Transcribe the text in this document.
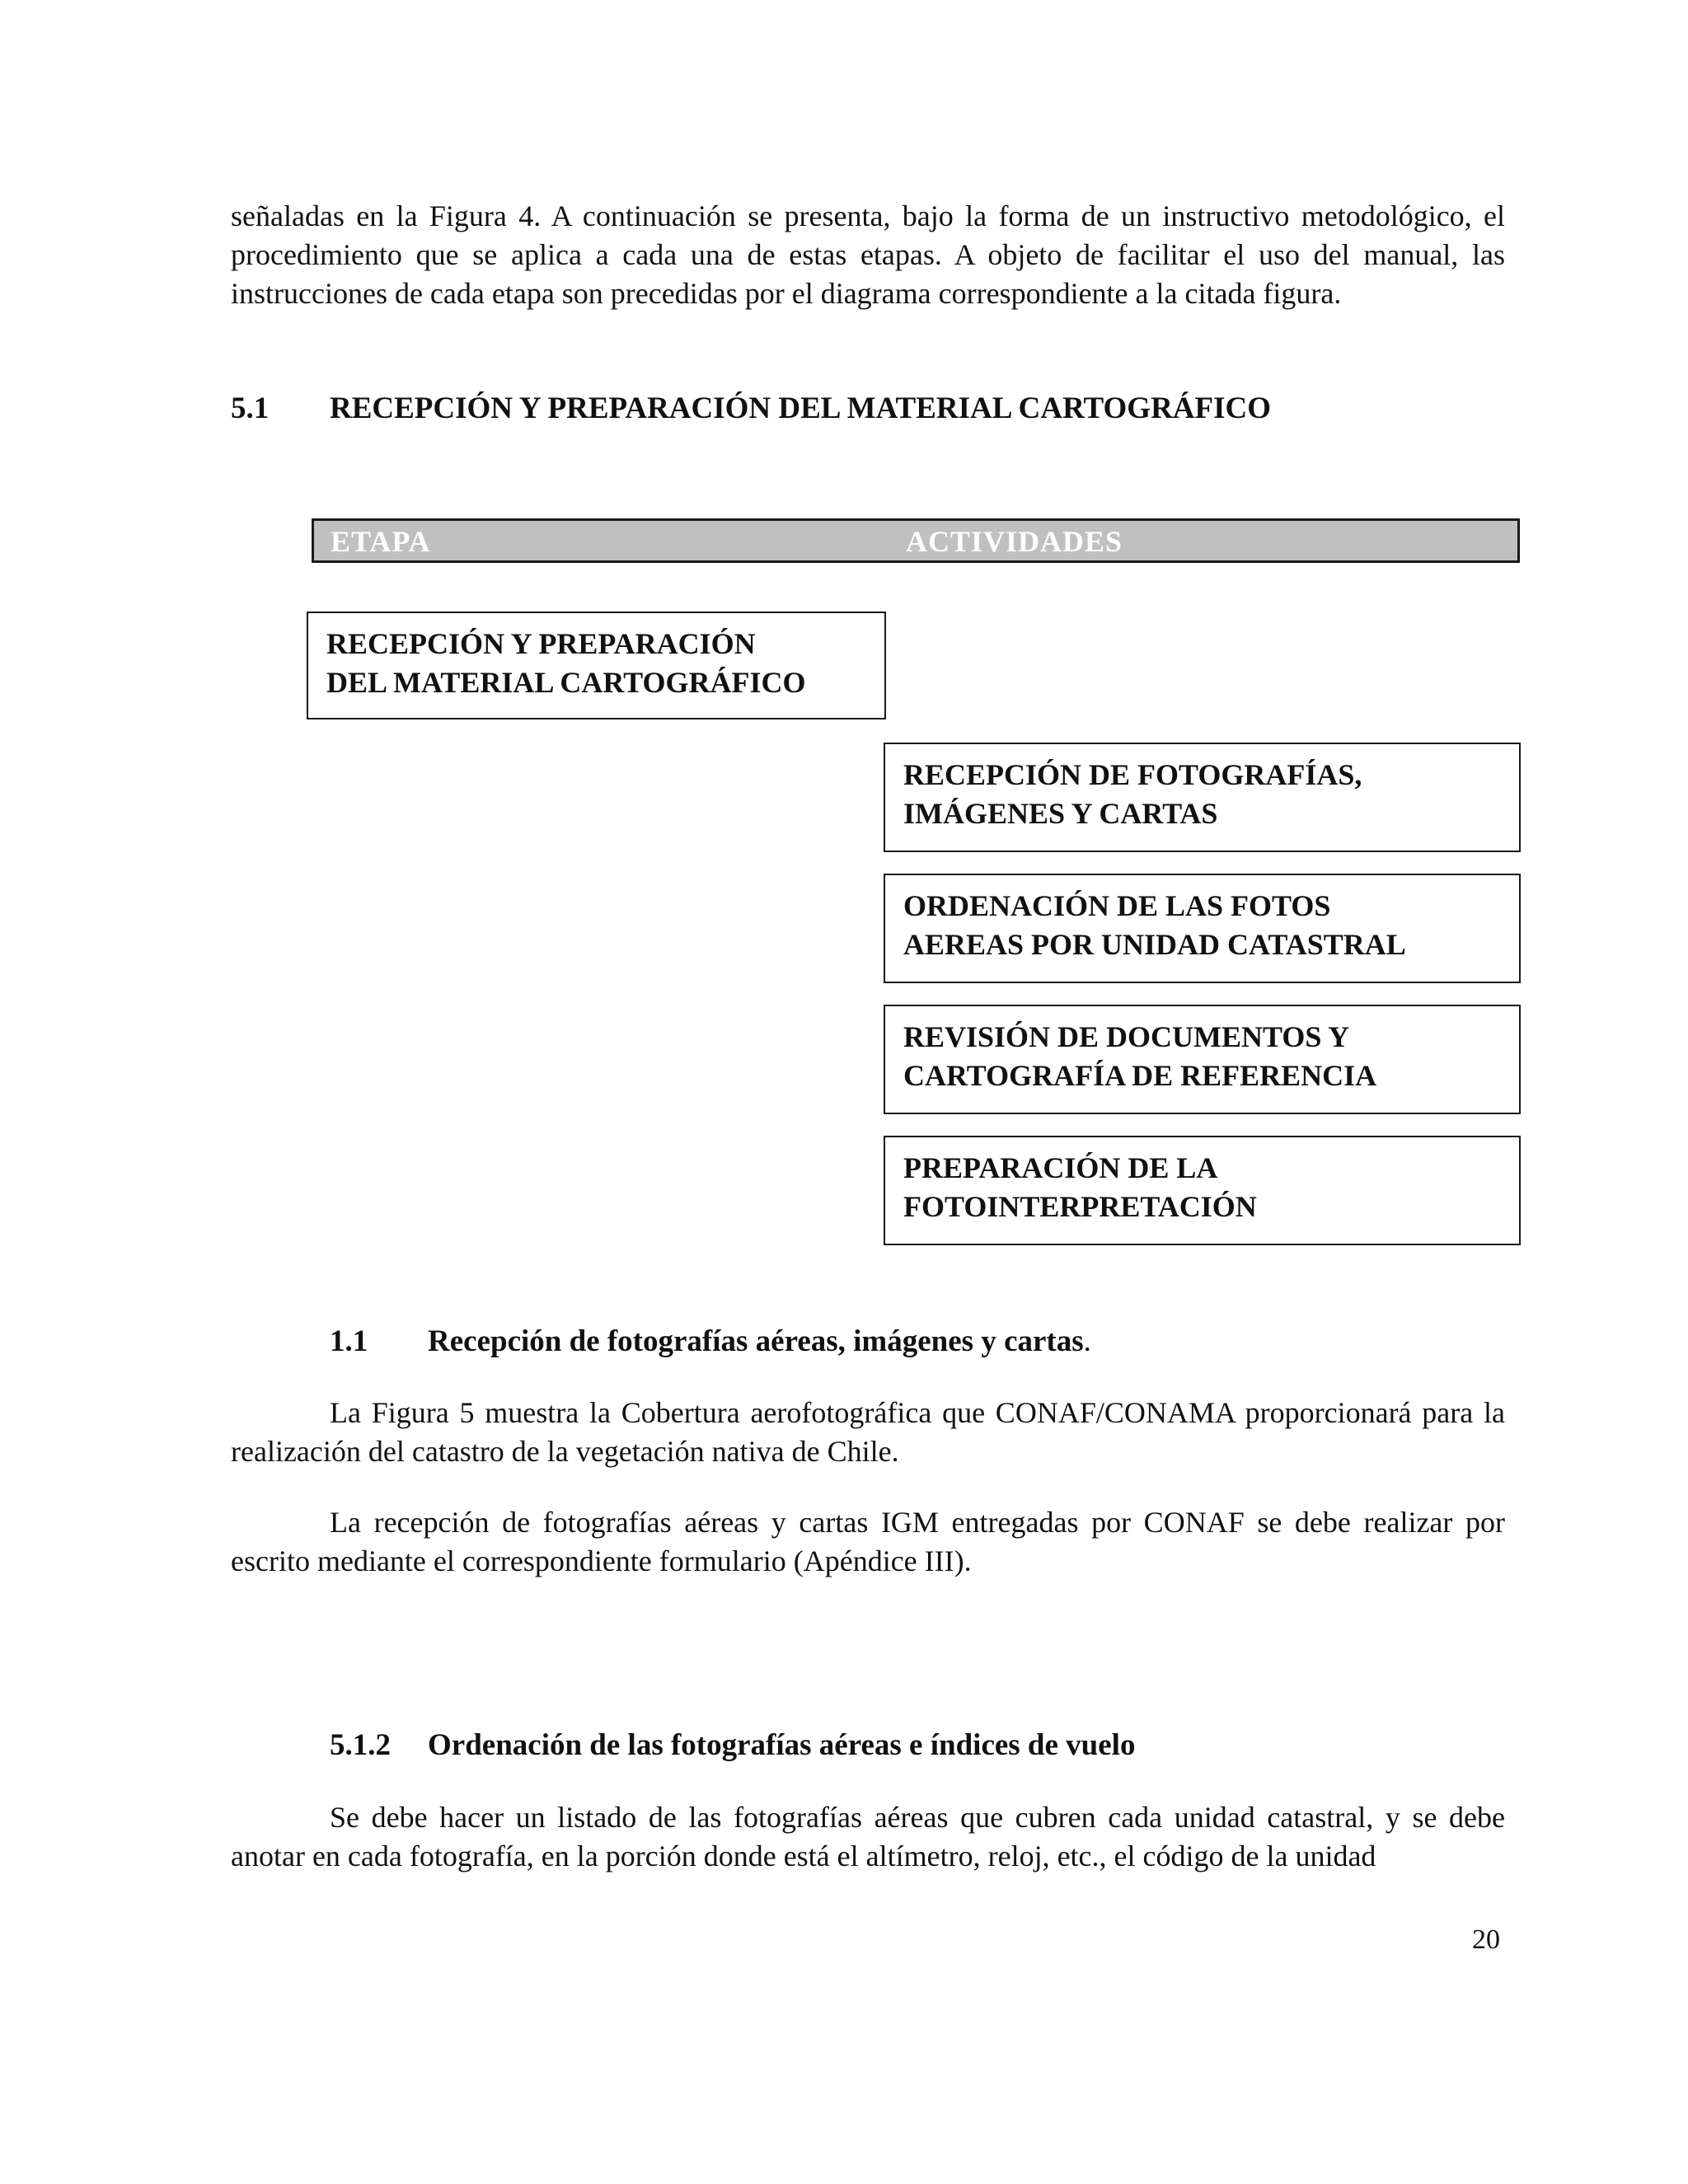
señaladas en la Figura 4. A continuación se presenta, bajo la forma de un instructivo metodológico, el procedimiento que se aplica a cada una de estas etapas. A objeto de facilitar el uso del manual, las instrucciones de cada etapa son precedidas por el diagrama correspondiente a la citada figura.

5.1 RECEPCIÓN Y PREPARACIÓN DEL MATERIAL CARTOGRÁFICO
ETAPA	ACTIVIDADES
RECEPCIÓN Y PREPARACIÓN
DEL MATERIAL CARTOGRÁFICO
RECEPCIÓN DE FOTOGRAFÍAS,
IMÁGENES Y CARTAS
ORDENACIÓN DE LAS FOTOS
AEREAS POR UNIDAD CATASTRAL
REVISIÓN DE DOCUMENTOS Y
CARTOGRAFÍA DE REFERENCIA
PREPARACIÓN DE LA
FOTOINTERPRETACIÓN
1.1 Recepción de fotografías aéreas, imágenes y cartas.

La Figura 5 muestra la Cobertura aerofotográfica que CONAF/CONAMA proporcionará para la realización del catastro de la vegetación nativa de Chile.

La recepción de fotografías aéreas y cartas IGM entregadas por CONAF se debe realizar por escrito mediante el correspondiente formulario (Apéndice III).

5.1.2 Ordenación de las fotografías aéreas e índices de vuelo

Se debe hacer un listado de las fotografías aéreas que cubren cada unidad catastral, y se debe anotar en cada fotografía, en la porción donde está el altímetro, reloj, etc., el código de la unidad

20
